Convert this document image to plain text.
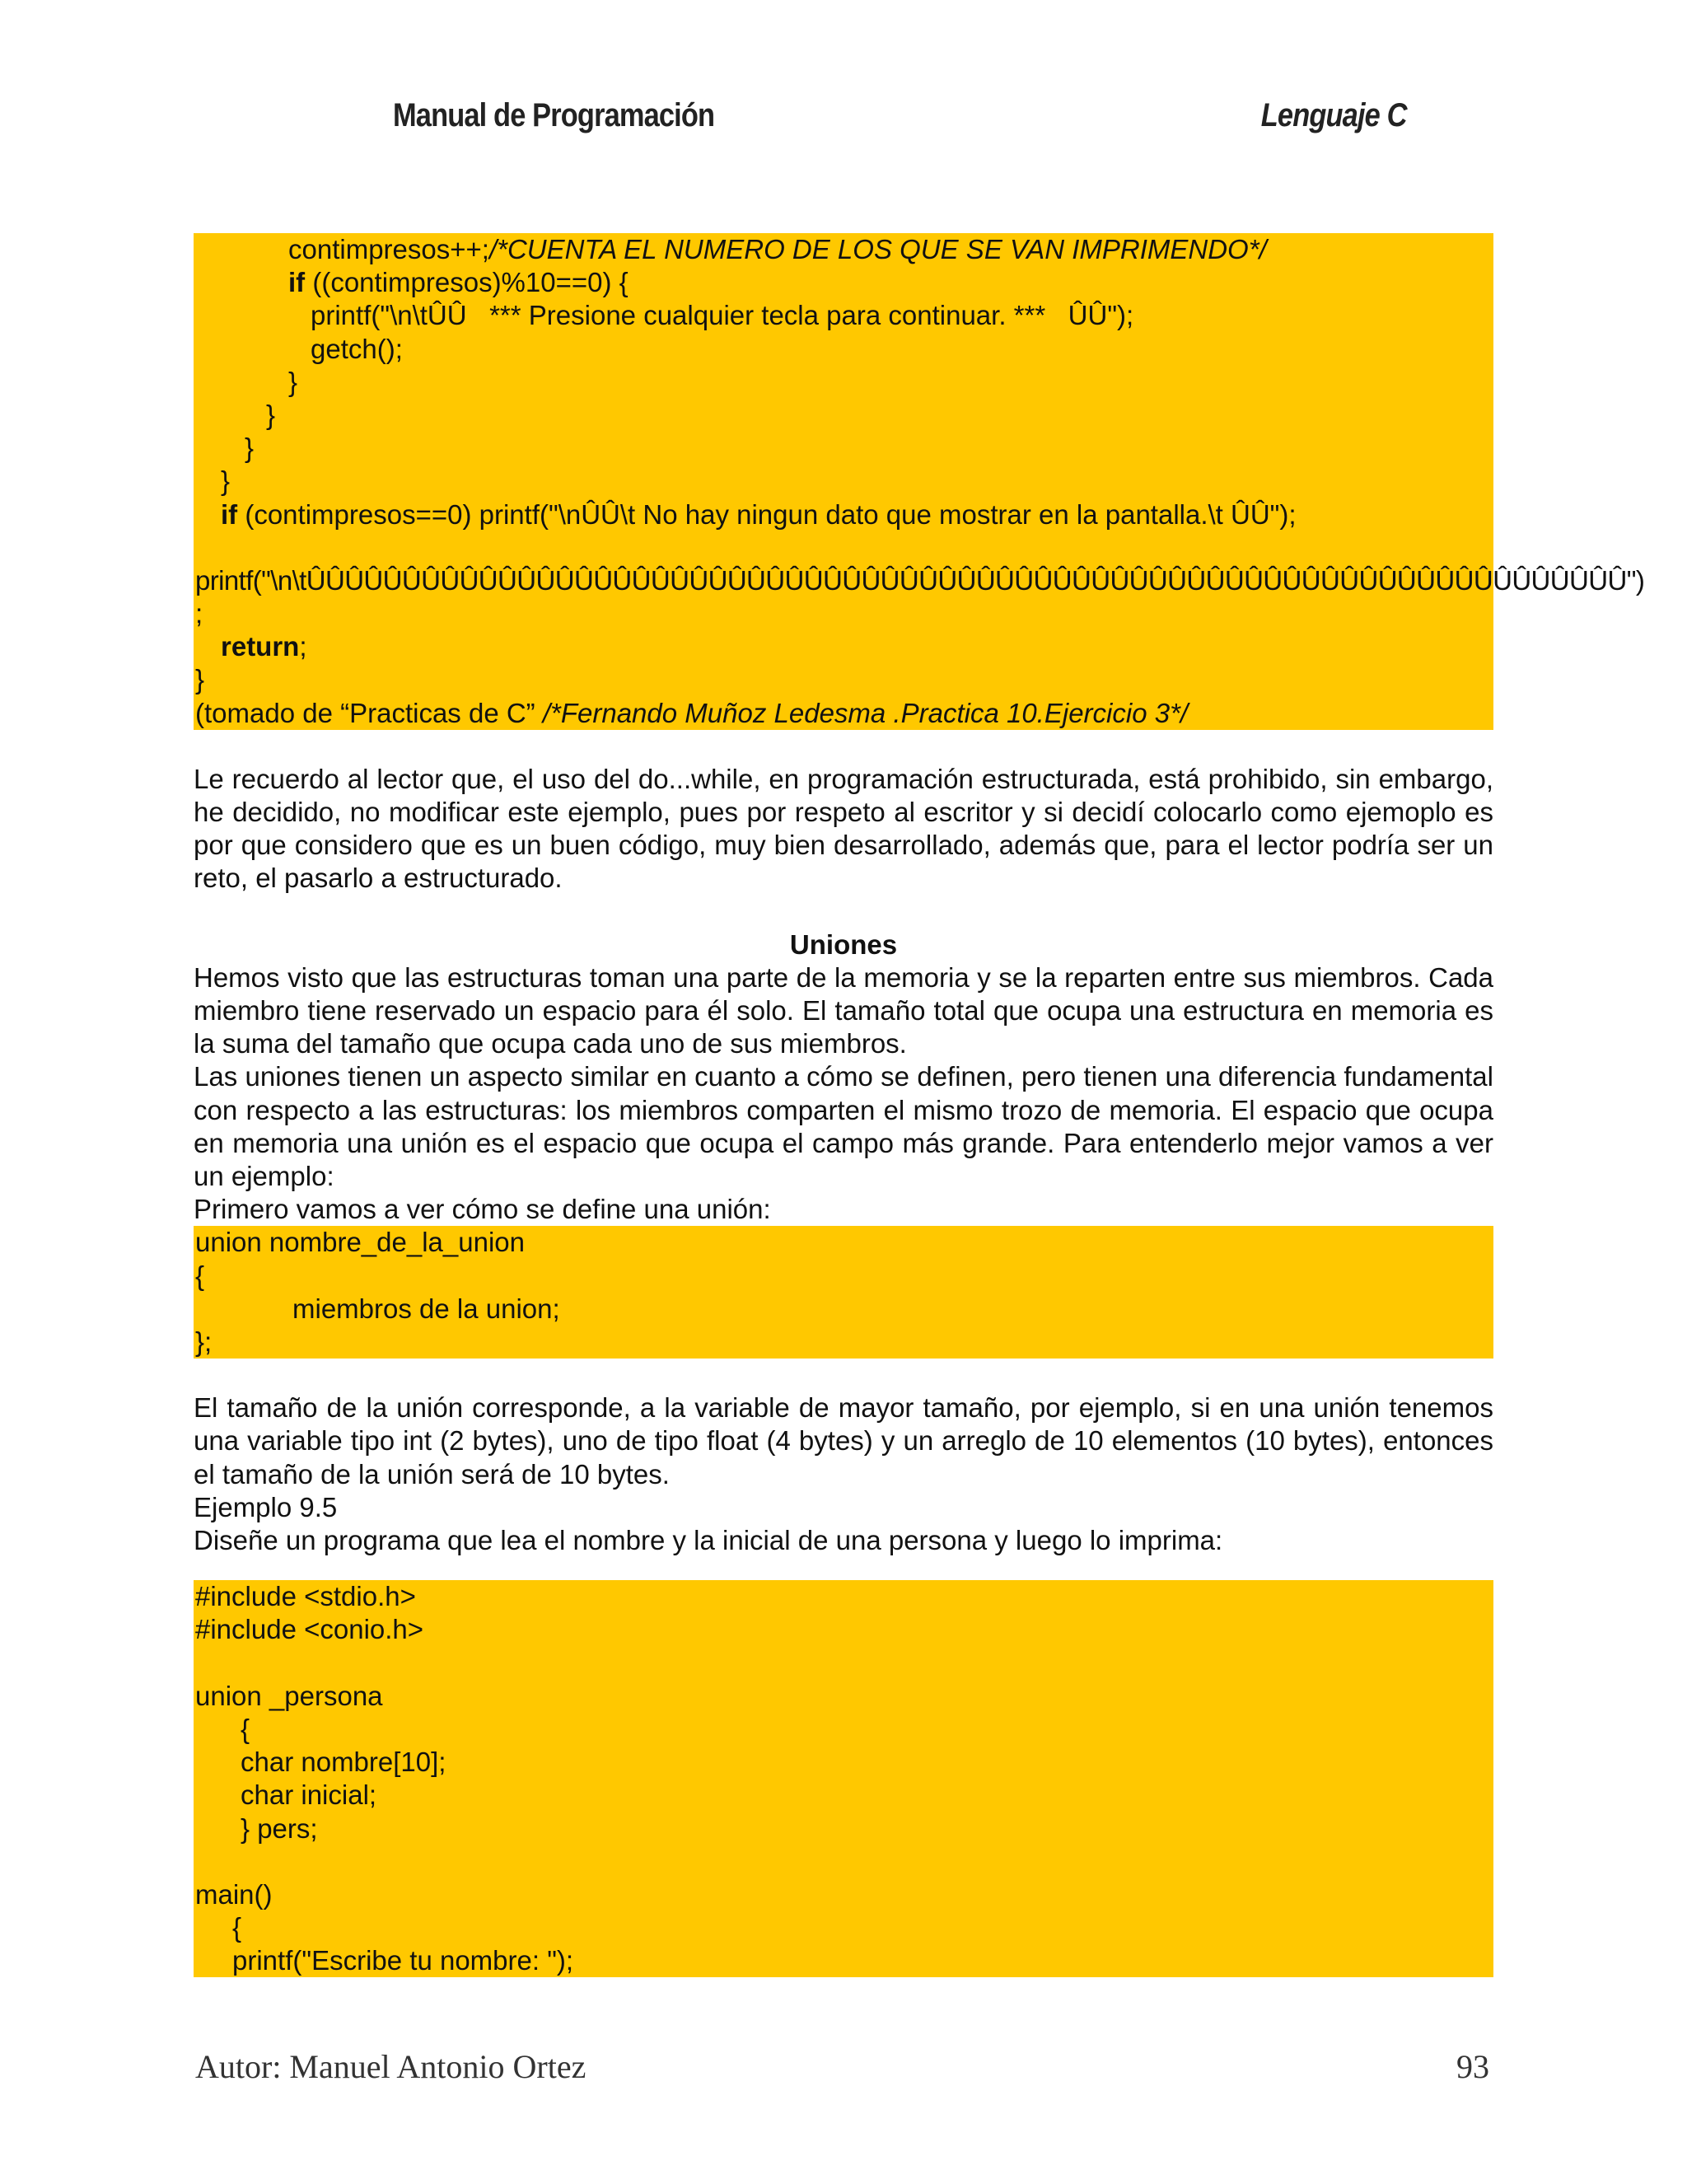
Manual de Programación	Lenguaje C
contimpresos++;/*CUENTA EL NUMERO DE LOS QUE SE VAN IMPRIMENDO*/
if ((contimpresos)%10==0) {
printf("\n\tÛÛ   *** Presione cualquier tecla para continuar. ***   ÛÛ");
getch();
}
}
}
}
if (contimpresos==0) printf("\nÛÛ\t No hay ningun dato que mostrar en la pantalla.\t ÛÛ");
printf("\n\tÛÛÛÛÛÛÛÛÛÛÛÛÛÛÛÛÛÛÛÛÛÛÛÛÛÛÛÛÛÛÛÛÛÛÛÛÛÛÛÛÛÛÛÛÛÛÛÛÛÛÛÛÛÛÛÛÛÛÛÛÛÛÛÛÛÛÛÛÛ")
;
return;
}
(tomado de “Practicas de C” /*Fernando Muñoz Ledesma .Practica 10.Ejercicio 3*/

Le recuerdo al lector que, el uso del do...while, en programación estructurada, está prohibido, sin embargo, he decidido, no modificar este ejemplo, pues por respeto al escritor y si decidí colocarlo como ejemoplo es por que considero que es un buen código, muy bien desarrollado, además que, para el lector podría ser un reto, el pasarlo a estructurado.

Uniones

Hemos visto que las estructuras toman una parte de la memoria y se la reparten entre sus miembros. Cada miembro tiene reservado un espacio para él solo. El tamaño total que ocupa una estructura en memoria es la suma del tamaño que ocupa cada uno de sus miembros.

Las uniones tienen un aspecto similar en cuanto a cómo se definen, pero tienen una diferencia fundamental con respecto a las estructuras: los miembros comparten el mismo trozo de memoria. El espacio que ocupa en memoria una unión es el espacio que ocupa el campo más grande. Para entenderlo mejor vamos a ver un ejemplo:

Primero vamos a ver cómo se define una unión:

union nombre_de_la_union
{
miembros de la union;
};

El tamaño de la unión corresponde, a la variable de mayor tamaño, por ejemplo, si en una unión tenemos una variable tipo int (2 bytes), uno de tipo float (4 bytes) y un arreglo de 10 elementos (10 bytes), entonces el tamaño de la unión será de 10 bytes.

Ejemplo 9.5

Diseñe un programa que lea el nombre y la inicial de una persona y luego lo imprima:

#include <stdio.h>
#include <conio.h>
union _persona
{
char nombre[10];
char inicial;
} pers;
main()
{
printf("Escribe tu nombre: ");
Autor: Manuel Antonio Ortez	93
